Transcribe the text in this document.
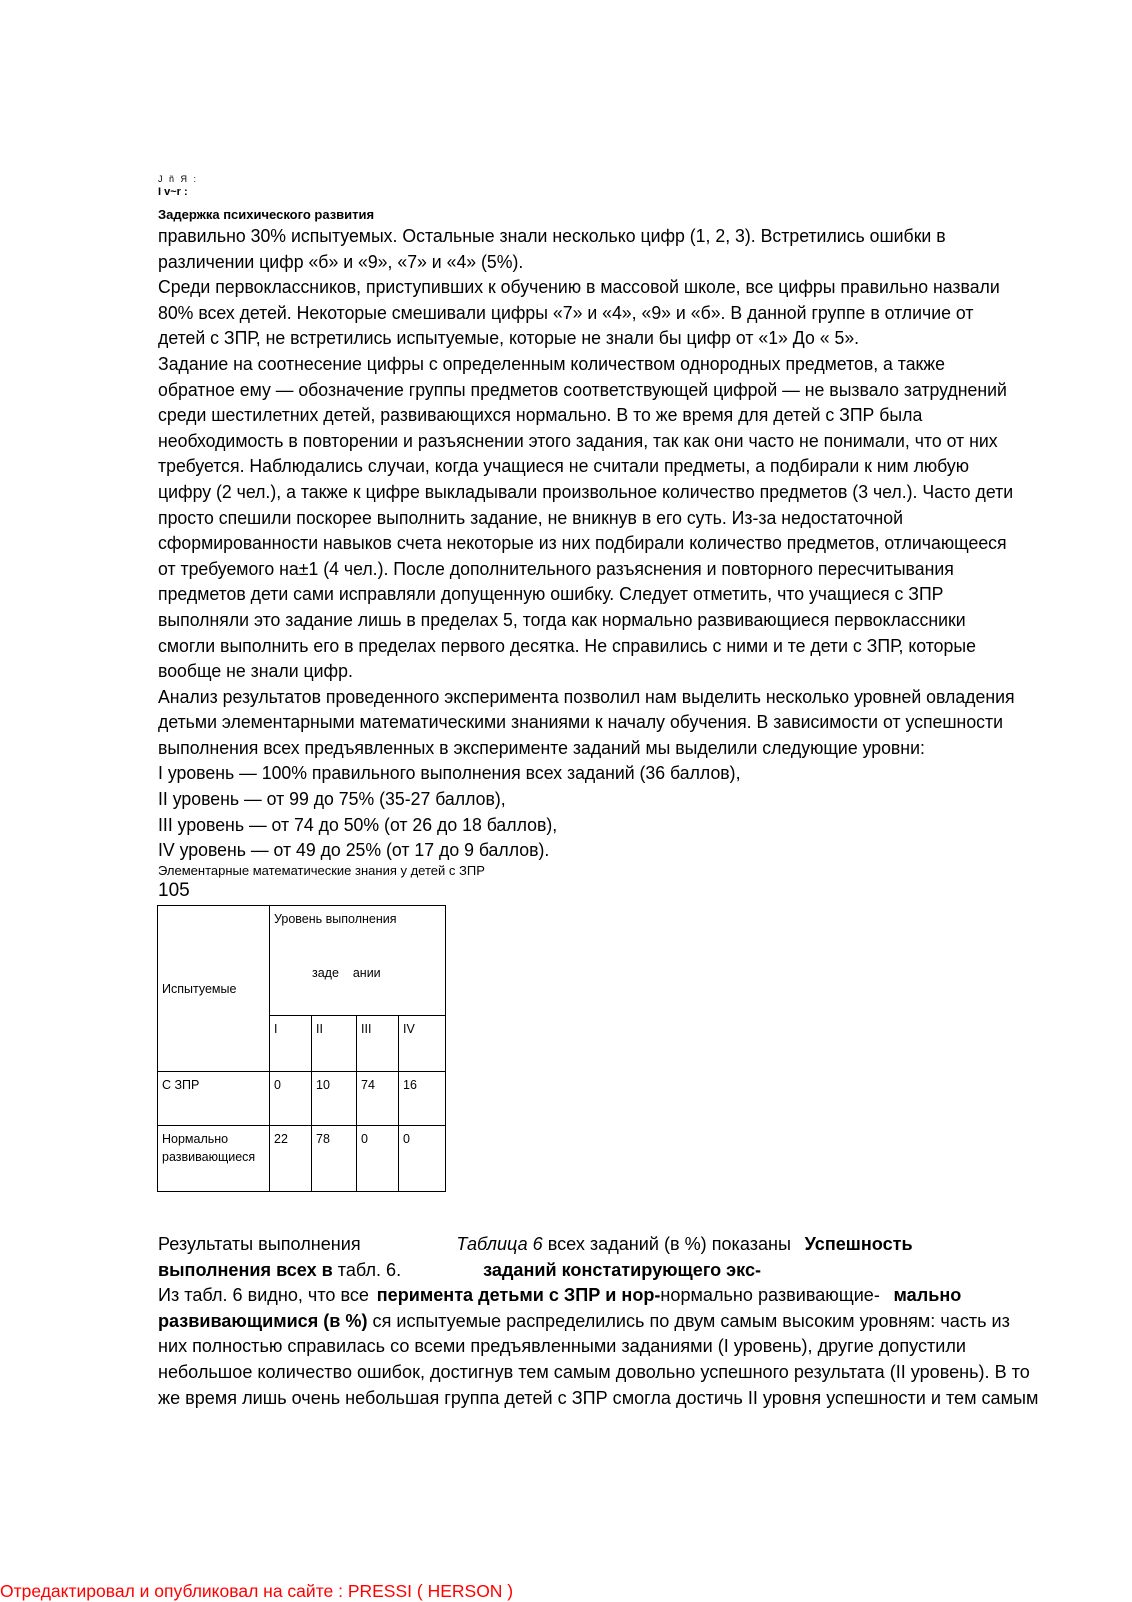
J ñ Я :
I v~r :
Задержка психического развития
правильно 30% испытуемых. Остальные знали несколько цифр (1, 2, 3). Встретились ошибки в
различении цифр «б» и «9», «7» и «4» (5%).
Среди первоклассников, приступивших к обучению в массовой школе, все цифры правильно назвали
80% всех детей. Некоторые смешивали цифры «7» и «4», «9» и «б». В данной группе в отличие от
детей с ЗПР, не встретились испытуемые, которые не знали бы цифр от «1» До « 5».
Задание на соотнесение цифры с определенным количеством однородных предметов, а также
обратное ему — обозначение группы предметов соответствующей цифрой — не вызвало затруднений
среди шестилетних детей, развивающихся нормально. В то же время для детей с ЗПР была
необходимость в повторении и разъяснении этого задания, так как они часто не понимали, что от них
требуется. Наблюдались случаи, когда учащиеся не считали предметы, а подбирали к ним любую
цифру (2 чел.), а также к цифре выкладывали произвольное количество предметов (3 чел.). Часто дети
просто спешили поскорее выполнить задание, не вникнув в его суть. Из-за недостаточной
сформированности навыков счета некоторые из них подбирали количество предметов, отличающееся
от требуемого на±1 (4 чел.). После дополнительного разъяснения и повторного пересчитывания
предметов дети сами исправляли допущенную ошибку. Следует отметить, что учащиеся с ЗПР
выполняли это задание лишь в пределах 5, тогда как нормально развивающиеся первоклассники
смогли выполнить его в пределах первого десятка. Не справились с ними и те дети с ЗПР, которые
вообще не знали цифр.
Анализ результатов проведенного эксперимента позволил нам выделить несколько уровней овладения
детьми элементарными математическими знаниями к началу обучения. В зависимости от успешности
выполнения всех предъявленных в эксперименте заданий мы выделили следующие уровни:
I уровень — 100% правильного выполнения всех заданий (36 баллов),
II уровень — от 99 до 75% (35-27 баллов),
III уровень — от 74 до 50% (от 26 до 18 баллов),
IV уровень — от 49 до 25% (от 17 до 9 баллов).
Элементарные математические знания у детей с ЗПР
105
Испытуемые	Уровень выполнения
заде ании			

	I	II	III	IV
С ЗПР	0	10	74	16
Нормально развивающиеся	22	78	0	0
Результаты выполнения	Таблица 6 всех заданий (в %) показаны Успешность
выполнения всех в табл. 6.	заданий констатирующего экс-
Из табл. 6 видно, что все перимента детьми с ЗПР и нор-нормально развивающие- мально
развивающимися (в %) ся испытуемые распределились по двум самым высоким уровням: часть из
них полностью справилась со всеми предъявленными заданиями (I уровень), другие допустили
небольшое количество ошибок, достигнув тем самым довольно успешного результата (II уровень). В то
же время лишь очень небольшая группа детей с ЗПР смогла достичь II уровня успешности и тем самым
Отредактировал и опубликовал на сайте : PRESSI ( HERSON )
